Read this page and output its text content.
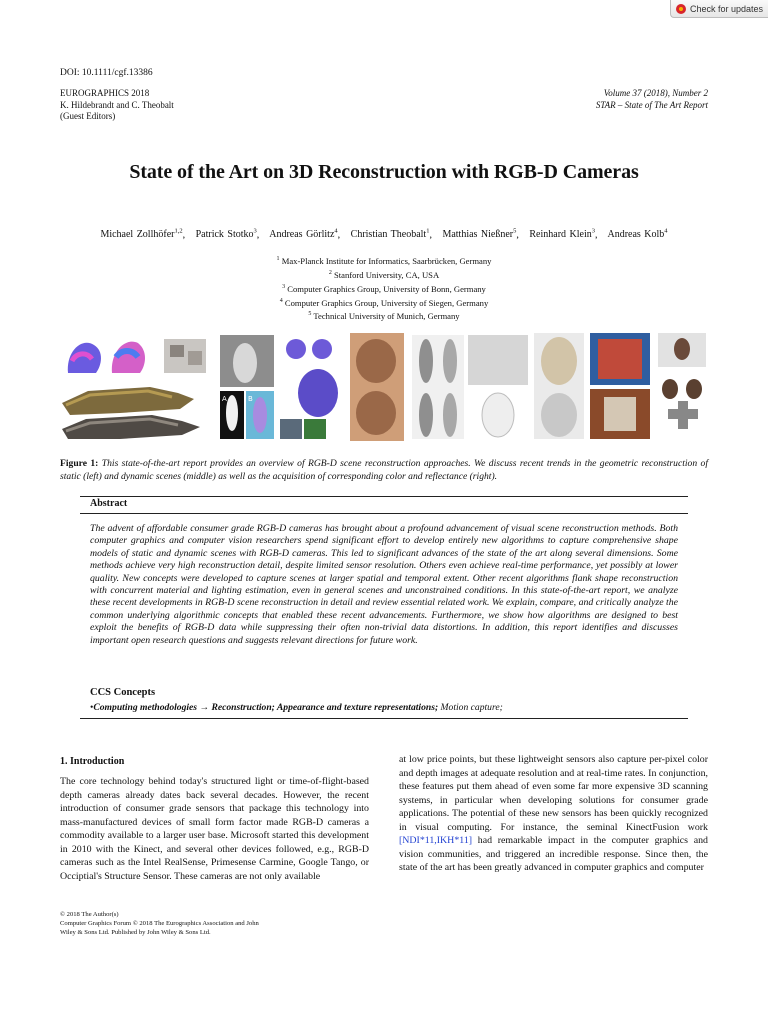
Check for updates
DOI: 10.1111/cgf.13386
EUROGRAPHICS 2018
K. Hildebrandt and C. Theobalt
(Guest Editors)
Volume 37 (2018), Number 2
STAR – State of The Art Report
State of the Art on 3D Reconstruction with RGB-D Cameras
Michael Zollhöfer$^{1,2}$,   Patrick Stotko$^3$,   Andreas Görlitz$^4$,   Christian Theobalt$^1$,   Matthias Nießner$^5$,   Reinhard Klein$^3$,   Andreas Kolb$^4$
$^1$ Max-Planck Institute for Informatics, Saarbrücken, Germany
$^2$ Stanford University, CA, USA
$^3$ Computer Graphics Group, University of Bonn, Germany
$^4$ Computer Graphics Group, University of Siegen, Germany
$^5$ Technical University of Munich, Germany
A	B
Figure 1: This state-of-the-art report provides an overview of RGB-D scene reconstruction approaches. We discuss recent trends in the geometric reconstruction of static (left) and dynamic scenes (middle) as well as the acquisition of corresponding color and reflectance (right).
Abstract
The advent of affordable consumer grade RGB-D cameras has brought about a profound advancement of visual scene reconstruction methods. Both computer graphics and computer vision researchers spend significant effort to develop entirely new algorithms to capture comprehensive shape models of static and dynamic scenes with RGB-D cameras. This led to significant advances of the state of the art along several dimensions. Some methods achieve very high reconstruction detail, despite limited sensor resolution. Others even achieve real-time performance, yet possibly at lower quality. New concepts were developed to capture scenes at larger spatial and temporal extent. Other recent algorithms flank shape reconstruction with concurrent material and lighting estimation, even in general scenes and unconstrained conditions. In this state-of-the-art report, we analyze these recent developments in RGB-D scene reconstruction in detail and review essential related work. We explain, compare, and critically analyze the common underlying algorithmic concepts that enabled these recent advancements. Furthermore, we show how algorithms are designed to best exploit the benefits of RGB-D data while suppressing their often non-trivial data distortions. In addition, this report identifies and discusses important open research questions and suggests relevant directions for future work.
CCS Concepts
•Computing methodologies → Reconstruction; Appearance and texture representations; Motion capture;
1. Introduction
The core technology behind today's structured light or time-of-flight-based depth cameras already dates back several decades. However, the recent introduction of consumer grade sensors that package this technology into mass-manufactured devices of small form factor made RGB-D cameras a commodity available to a larger user base. Microsoft started this development in 2010 with the Kinect, and several other devices followed, e.g., RGB-D cameras such as the Intel RealSense, Primesense Carmine, Google Tango, or Occiptial's Structure Sensor. These cameras are not only available
at low price points, but these lightweight sensors also capture per-pixel color and depth images at adequate resolution and at real-time rates. In conjunction, these features put them ahead of even some far more expensive 3D scanning systems, in particular when developing solutions for consumer grade applications. The potential of these new sensors has been quickly recognized in visual computing. For instance, the seminal KinectFusion work [NDI*11,IKH*11] had remarkable impact in the computer graphics and vision communities, and triggered an incredible response. Since then, the state of the art has been greatly advanced in computer graphics and computer
© 2018 The Author(s)
Computer Graphics Forum © 2018 The Eurographics Association and John
Wiley & Sons Ltd. Published by John Wiley & Sons Ltd.
